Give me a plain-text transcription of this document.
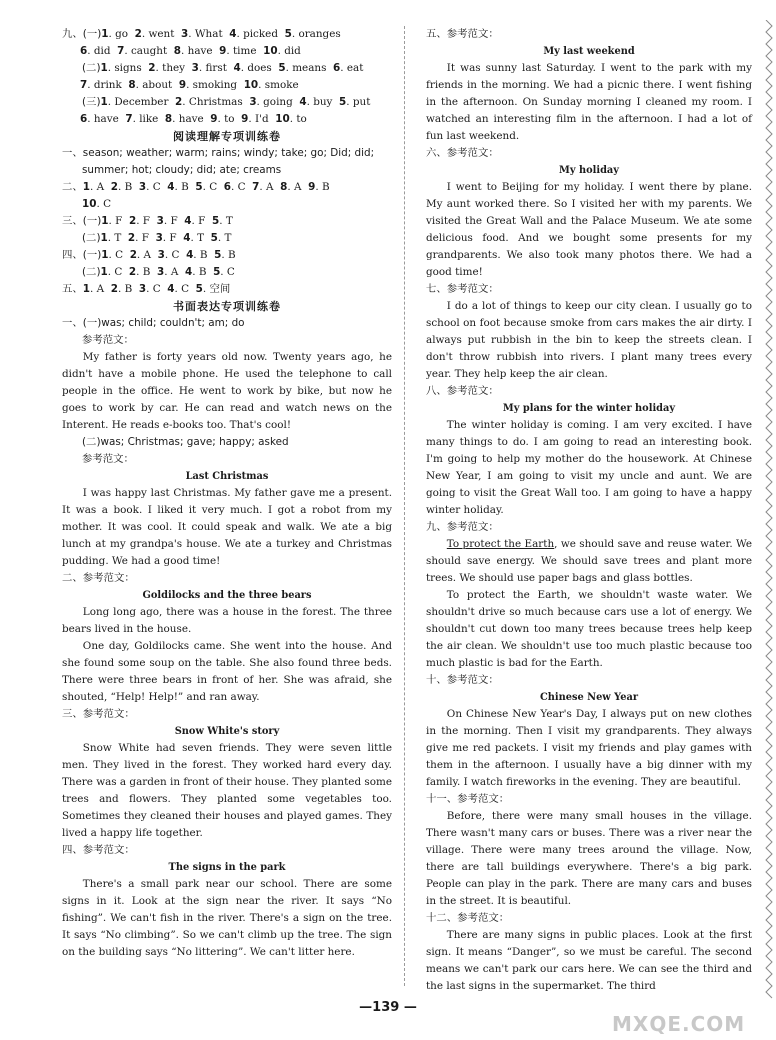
九、(一)1. go 2. went 3. What 4. picked 5. oranges
6. did 7. caught 8. have 9. time 10. did
(二)1. signs 2. they 3. first 4. does 5. means 6. eat
7. drink 8. about 9. smoking 10. smoke
(三)1. December 2. Christmas 3. going 4. buy 5. put
6. have 7. like 8. have 9. to 9. I'd 10. to
阅读理解专项训练卷
一、season; weather; warm; rains; windy; take; go; Did; did;
summer; hot; cloudy; did; ate; creams
二、1. A 2. B 3. C 4. B 5. C 6. C 7. A 8. A 9. B
10. C
三、(一)1. F 2. F 3. F 4. F 5. T
(二)1. T 2. F 3. F 4. T 5. T
四、(一)1. C 2. A 3. C 4. B 5. B
(二)1. C 2. B 3. A 4. B 5. C
五、1. A 2. B 3. C 4. C 5. 空间
书面表达专项训练卷
一、(一)was; child; couldn't; am; do
参考范文：

My father is forty years old now. Twenty years ago, he didn't have a mobile phone. He used the telephone to call people in the office. He went to work by bike, but now he goes to work by car. He can read and watch news on the Interent. He reads e-books too. That's cool!

(二)was; Christmas; gave; happy; asked
参考范文：
Last Christmas

I was happy last Christmas. My father gave me a present. It was a book. I liked it very much. I got a robot from my mother. It was cool. It could speak and walk. We ate a big lunch at my grandpa's house. We ate a turkey and Christmas pudding. We had a good time!

二、参考范文：
Goldilocks and the three bears

Long long ago, there was a house in the forest. The three bears lived in the house.

One day, Goldilocks came. She went into the house. And she found some soup on the table. She also found three beds. There were three bears in front of her. She was afraid, she shouted, “Help! Help!” and ran away.

三、参考范文：
Snow White's story

Snow White had seven friends. They were seven little men. They lived in the forest. They worked hard every day. There was a garden in front of their house. They planted some trees and flowers. They planted some vegetables too. Sometimes they cleaned their houses and played games. They lived a happy life together.

四、参考范文：
The signs in the park

There's a small park near our school. There are some signs in it. Look at the sign near the river. It says “No fishing”. We can't fish in the river. There's a sign on the tree. It says “No climbing”. So we can't climb up the tree. The sign on the building says “No littering”. We can't litter here.

五、参考范文：
My last weekend

It was sunny last Saturday. I went to the park with my friends in the morning. We had a picnic there. I went fishing in the afternoon. On Sunday morning I cleaned my room. I watched an interesting film in the afternoon. I had a lot of fun last weekend.

六、参考范文：
My holiday

I went to Beijing for my holiday. I went there by plane. My aunt worked there. So I visited her with my parents. We visited the Great Wall and the Palace Museum. We ate some delicious food. And we bought some presents for my grandparents. We also took many photos there. We had a good time!

七、参考范文：

I do a lot of things to keep our city clean. I usually go to school on foot because smoke from cars makes the air dirty. I always put rubbish in the bin to keep the streets clean. I don't throw rubbish into rivers. I plant many trees every year. They help keep the air clean.

八、参考范文：
My plans for the winter holiday

The winter holiday is coming. I am very excited. I have many things to do. I am going to read an interesting book. I'm going to help my mother do the housework. At Chinese New Year, I am going to visit my uncle and aunt. We are going to visit the Great Wall too. I am going to have a happy winter holiday.

九、参考范文：

To protect the Earth, we should save and reuse water. We should save energy. We should save trees and plant more trees. We should use paper bags and glass bottles.

To protect the Earth, we shouldn't waste water. We shouldn't drive so much because cars use a lot of energy. We shouldn't cut down too many trees because trees help keep the air clean. We shouldn't use too much plastic because too much plastic is bad for the Earth.

十、参考范文：
Chinese New Year

On Chinese New Year's Day, I always put on new clothes in the morning. Then I visit my grandparents. They always give me red packets. I visit my friends and play games with them in the afternoon. I usually have a big dinner with my family. I watch fireworks in the evening. They are beautiful.

十一、参考范文：

Before, there were many small houses in the village. There wasn't many cars or buses. There was a river near the village. There were many trees around the village. Now, there are tall buildings everywhere. There's a big park. People can play in the park. There are many cars and buses in the street. It is beautiful.

十二、参考范文：

There are many signs in public places. Look at the first sign. It means “Danger”, so we must be careful. The second means we can't park our cars here. We can see the third and the last signs in the supermarket. The third

—139 —
MXQE.COM
